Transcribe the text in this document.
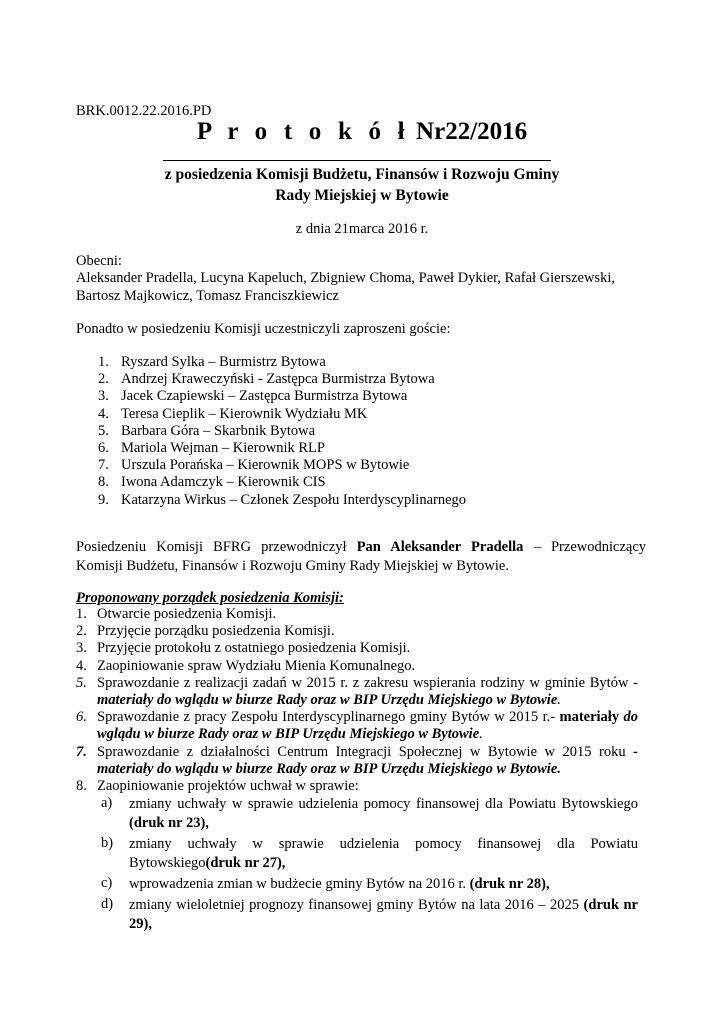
BRK.0012.22.2016.PD
P r o t o k ó ł Nr22/2016
z posiedzenia Komisji Budżetu, Finansów i Rozwoju Gminy
Rady Miejskiej w Bytowie
z dnia 21marca 2016 r.
Obecni:
Aleksander Pradella, Lucyna Kapeluch, Zbigniew Choma, Paweł Dykier, Rafał Gierszewski,
Bartosz Majkowicz, Tomasz Franciszkiewicz
Ponadto w posiedzeniu Komisji uczestniczyli zaproszeni goście:
1. Ryszard Sylka – Burmistrz Bytowa
2. Andrzej Kraweczyński - Zastępca Burmistrza Bytowa
3. Jacek Czapiewski – Zastępca Burmistrza Bytowa
4. Teresa Cieplik – Kierownik Wydziału MK
5. Barbara Góra – Skarbnik Bytowa
6. Mariola Wejman – Kierownik RLP
7. Urszula Porańska – Kierownik MOPS w Bytowie
8. Iwona Adamczyk – Kierownik CIS
9. Katarzyna Wirkus – Członek Zespołu Interdyscyplinarnego
Posiedzeniu Komisji BFRG przewodniczył Pan Aleksander Pradella – Przewodniczący
Komisji Budżetu, Finansów i Rozwoju Gminy Rady Miejskiej w Bytowie.
Proponowany porządek posiedzenia Komisji:
1. Otwarcie posiedzenia Komisji.
2. Przyjęcie porządku posiedzenia Komisji.
3. Przyjęcie protokołu z ostatniego posiedzenia Komisji.
4. Zaopiniowanie spraw Wydziału Mienia Komunalnego.
5. Sprawozdanie z realizacji zadań w 2015 r. z zakresu wspierania rodziny w gminie Bytów - materiały do wglądu w biurze Rady oraz w BIP Urzędu Miejskiego w Bytowie.
6. Sprawozdanie z pracy Zespołu Interdyscyplinarnego gminy Bytów w 2015 r.- materiały do wglądu w biurze Rady oraz w BIP Urzędu Miejskiego w Bytowie.
7. Sprawozdanie z działalności Centrum Integracji Społecznej w Bytowie w 2015 roku - materiały do wglądu w biurze Rady oraz w BIP Urzędu Miejskiego w Bytowie.
8. Zaopiniowanie projektów uchwał w sprawie:
a)	zmiany uchwały w sprawie udzielenia pomocy finansowej dla Powiatu Bytowskiego (druk nr 23),
b)	zmiany uchwały w sprawie udzielenia pomocy finansowej dla Powiatu
Bytowskiego(druk nr 27),
c)	wprowadzenia zmian w budżecie gminy Bytów na 2016 r. (druk nr 28),
d)	zmiany wieloletniej prognozy finansowej gminy Bytów na lata 2016 – 2025 (druk nr 29),
